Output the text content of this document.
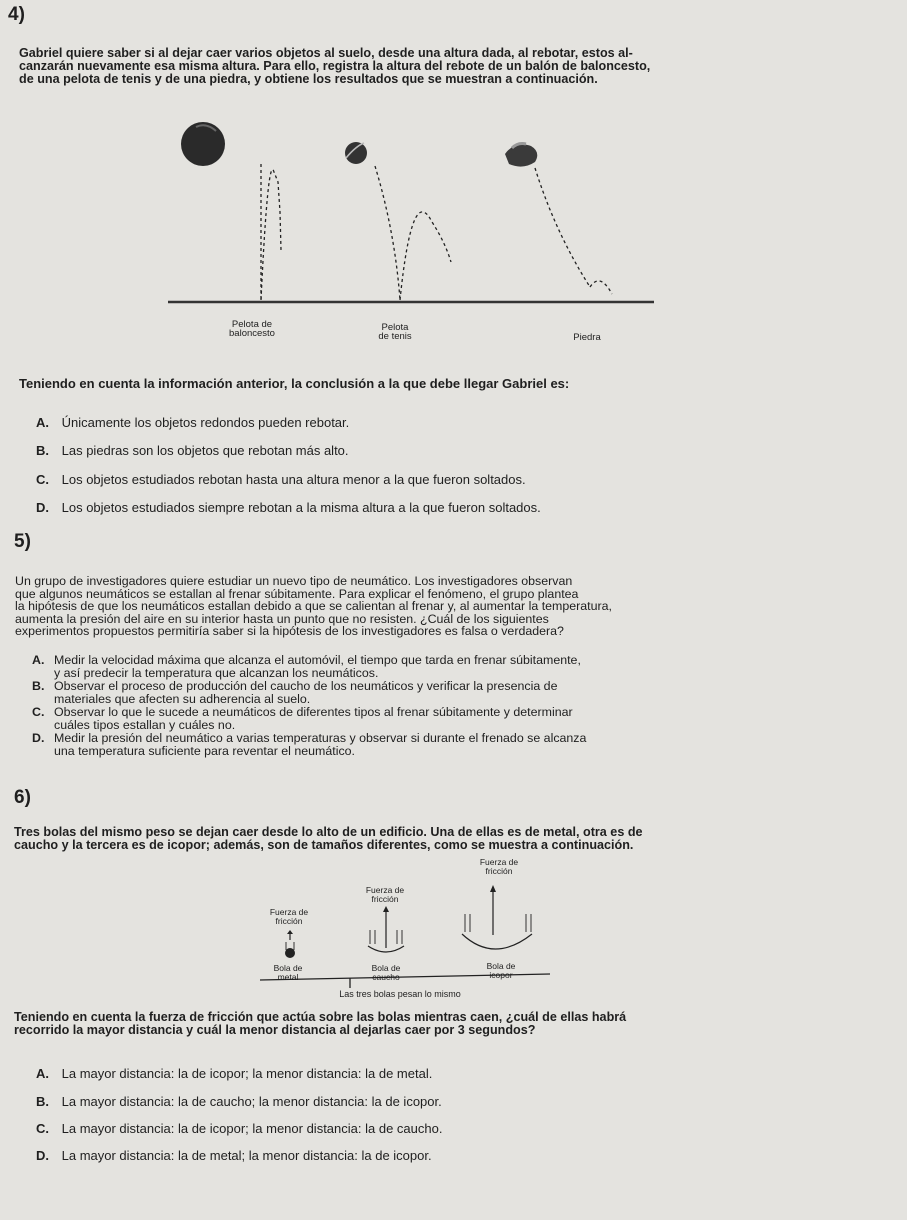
4)
Gabriel quiere saber si al dejar caer varios objetos al suelo, desde una altura dada, al rebotar, estos al-
canzarán nuevamente esa misma altura. Para ello, registra la altura del rebote de un balón de baloncesto,
de una pelota de tenis y de una piedra, y obtiene los resultados que se muestran a continuación.
Pelota de
baloncesto
Pelota
de tenis	Piedra
Teniendo en cuenta la información anterior, la conclusión a la que debe llegar Gabriel es:
A. Únicamente los objetos redondos pueden rebotar.
B. Las piedras son los objetos que rebotan más alto.
C. Los objetos estudiados rebotan hasta una altura menor a la que fueron soltados.
D. Los objetos estudiados siempre rebotan a la misma altura a la que fueron soltados.
5)
Un grupo de investigadores quiere estudiar un nuevo tipo de neumático. Los investigadores observan
que algunos neumáticos se estallan al frenar súbitamente. Para explicar el fenómeno, el grupo plantea
la hipótesis de que los neumáticos estallan debido a que se calientan al frenar y, al aumentar la temperatura,
aumenta la presión del aire en su interior hasta un punto que no resisten. ¿Cuál de los siguientes
experimentos propuestos permitiría saber si la hipótesis de los investigadores es falsa o verdadera?
A. Medir la velocidad máxima que alcanza el automóvil, el tiempo que tarda en frenar súbitamente,
y así predecir la temperatura que alcanzan los neumáticos.
B. Observar el proceso de producción del caucho de los neumáticos y verificar la presencia de
materiales que afecten su adherencia al suelo.
C. Observar lo que le sucede a neumáticos de diferentes tipos al frenar súbitamente y determinar
cuáles tipos estallan y cuáles no.
D. Medir la presión del neumático a varias temperaturas y observar si durante el frenado se alcanza
una temperatura suficiente para reventar el neumático.
6)
Tres bolas del mismo peso se dejan caer desde lo alto de un edificio. Una de ellas es de metal, otra es de
caucho y la tercera es de icopor; además, son de tamaños diferentes, como se muestra a continuación.
Fuerza de
fricción
Fuerza de
fricción
Fuerza de
fricción
Bola de
metal
Bola de
caucho
Bola de
icopor
Las tres bolas pesan lo mismo
Teniendo en cuenta la fuerza de fricción que actúa sobre las bolas mientras caen, ¿cuál de ellas habrá
recorrido la mayor distancia y cuál la menor distancia al dejarlas caer por 3 segundos?
A. La mayor distancia: la de icopor; la menor distancia: la de metal.
B. La mayor distancia: la de caucho; la menor distancia: la de icopor.
C. La mayor distancia: la de icopor; la menor distancia: la de caucho.
D. La mayor distancia: la de metal; la menor distancia: la de icopor.
